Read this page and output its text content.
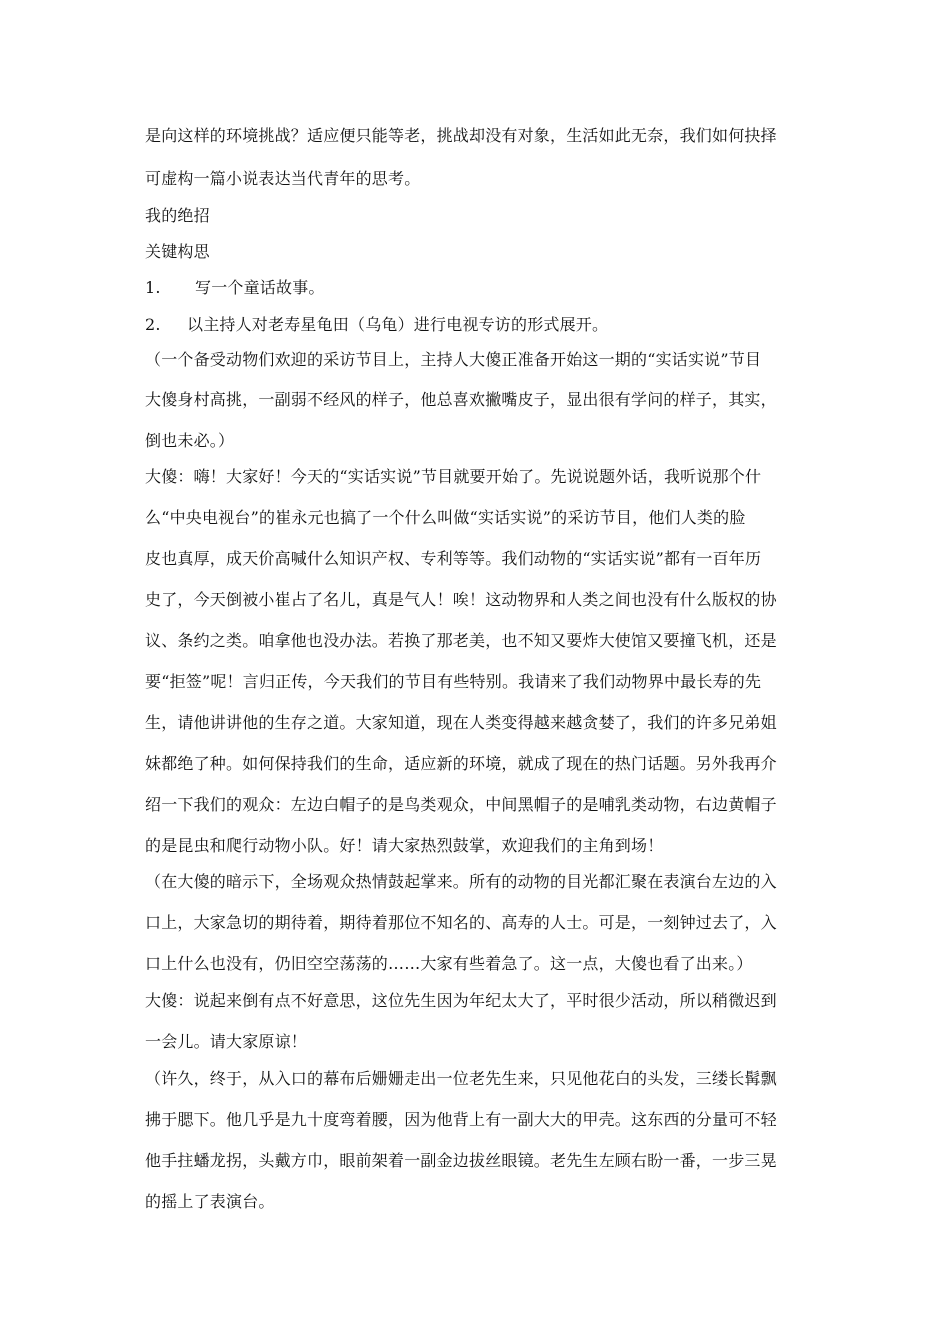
是向这样的环境挑战？适应便只能等老，挑战却没有对象，生活如此无奈，我们如何抉择
可虚构一篇小说表达当代青年的思考。
我的绝招
关键构思
1. 写一个童话故事。
2. 以主持人对老寿星龟田（乌龟）进行电视专访的形式展开。
（一个备受动物们欢迎的采访节目上，主持人大傻正准备开始这一期的“实话实说”节目
大傻身村高挑，一副弱不经风的样子，他总喜欢撇嘴皮子，显出很有学问的样子，其实，
倒也未必。）
大傻：嗨！大家好！今天的“实话实说”节目就要开始了。先说说题外话，我听说那个什
么“中央电视台”的崔永元也搞了一个什么叫做“实话实说”的采访节目，他们人类的脸
皮也真厚，成天价高喊什么知识产权、专利等等。我们动物的“实话实说”都有一百年历
史了，今天倒被小崔占了名儿，真是气人！唉！这动物界和人类之间也没有什么版权的协
议、条约之类。咱拿他也没办法。若换了那老美，也不知又要炸大使馆又要撞飞机，还是
要“拒签”呢！言归正传，今天我们的节目有些特别。我请来了我们动物界中最长寿的先
生，请他讲讲他的生存之道。大家知道，现在人类变得越来越贪婪了，我们的许多兄弟姐
妹都绝了种。如何保持我们的生命，适应新的环境，就成了现在的热门话题。另外我再介
绍一下我们的观众：左边白帽子的是鸟类观众，中间黑帽子的是哺乳类动物，右边黄帽子
的是昆虫和爬行动物小队。好！请大家热烈鼓掌，欢迎我们的主角到场！
（在大傻的暗示下，全场观众热情鼓起掌来。所有的动物的目光都汇聚在表演台左边的入
口上，大家急切的期待着，期待着那位不知名的、高寿的人士。可是，一刻钟过去了，入
口上什么也没有，仍旧空空荡荡的……大家有些着急了。这一点，大傻也看了出来。）
大傻：说起来倒有点不好意思，这位先生因为年纪太大了，平时很少活动，所以稍微迟到
一会儿。请大家原谅！
（许久，终于，从入口的幕布后姗姗走出一位老先生来，只见他花白的头发，三缕长髯飘
拂于腮下。他几乎是九十度弯着腰，因为他背上有一副大大的甲壳。这东西的分量可不轻
他手拄蟠龙拐，头戴方巾，眼前架着一副金边拔丝眼镜。老先生左顾右盼一番，一步三晃
的摇上了表演台。
